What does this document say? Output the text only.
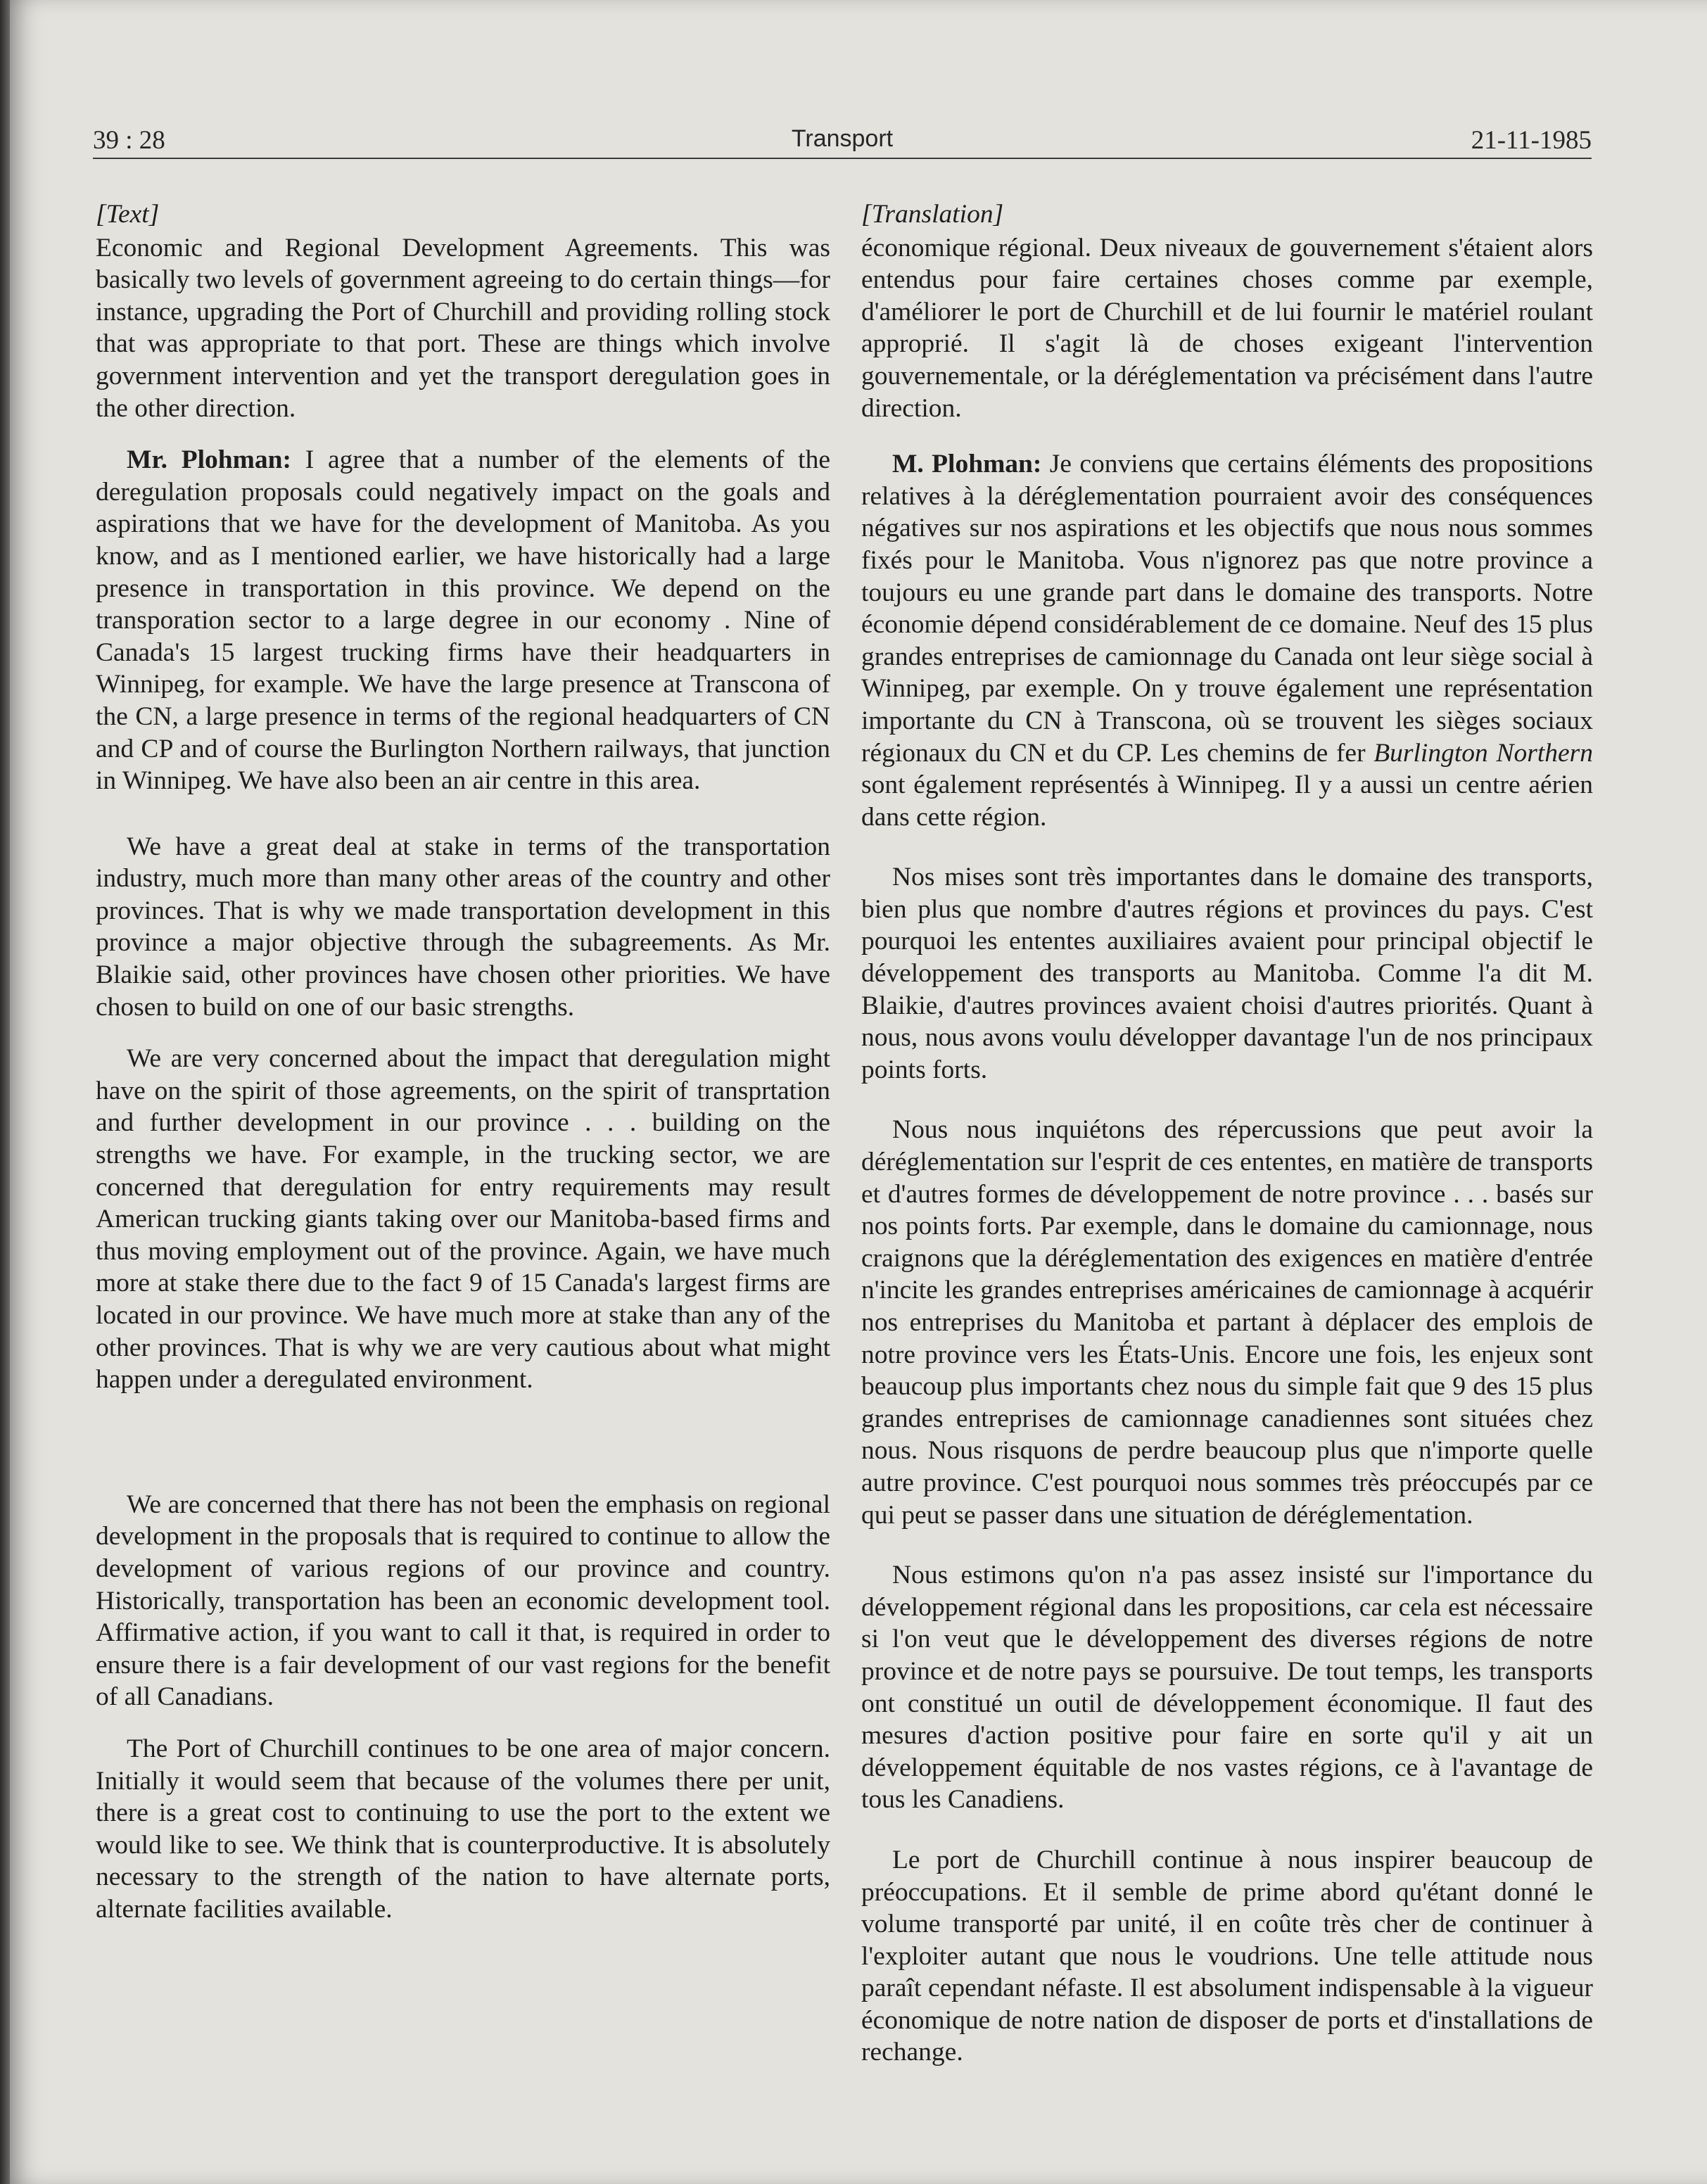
39 : 28	Transport	21-11-1985
[Text]

Economic and Regional Development Agreements. This was basically two levels of government agreeing to do certain things—for instance, upgrading the Port of Churchill and providing rolling stock that was appropriate to that port. These are things which involve government intervention and yet the transport deregulation goes in the other direction.

Mr. Plohman: I agree that a number of the elements of the deregulation proposals could negatively impact on the goals and aspirations that we have for the development of Manitoba. As you know, and as I mentioned earlier, we have historically had a large presence in transportation in this province. We depend on the transporation sector to a large degree in our economy . Nine of Canada's 15 largest trucking firms have their headquarters in Winnipeg, for example. We have the large presence at Transcona of the CN, a large presence in terms of the regional headquarters of CN and CP and of course the Burlington Northern railways, that junction in Winnipeg. We have also been an air centre in this area.

We have a great deal at stake in terms of the transportation industry, much more than many other areas of the country and other provinces. That is why we made transportation development in this province a major objective through the subagreements. As Mr. Blaikie said, other provinces have chosen other priorities. We have chosen to build on one of our basic strengths.

We are very concerned about the impact that deregulation might have on the spirit of those agreements, on the spirit of transprtation and further development in our province . . . building on the strengths we have. For example, in the trucking sector, we are concerned that deregulation for entry requirements may result American trucking giants taking over our Manitoba-based firms and thus moving employment out of the province. Again, we have much more at stake there due to the fact 9 of 15 Canada's largest firms are located in our province. We have much more at stake than any of the other provinces. That is why we are very cautious about what might happen under a deregulated environment.

We are concerned that there has not been the emphasis on regional development in the proposals that is required to continue to allow the development of various regions of our province and country. Historically, transportation has been an economic development tool. Affirmative action, if you want to call it that, is required in order to ensure there is a fair development of our vast regions for the benefit of all Canadians.

The Port of Churchill continues to be one area of major concern. Initially it would seem that because of the volumes there per unit, there is a great cost to continuing to use the port to the extent we would like to see. We think that is counterproductive. It is absolutely necessary to the strength of the nation to have alternate ports, alternate facilities available.

[Translation]

économique régional. Deux niveaux de gouvernement s'étaient alors entendus pour faire certaines choses comme par exemple, d'améliorer le port de Churchill et de lui fournir le matériel roulant approprié. Il s'agit là de choses exigeant l'intervention gouvernementale, or la déréglementation va précisément dans l'autre direction.

M. Plohman: Je conviens que certains éléments des propositions relatives à la déréglementation pourraient avoir des conséquences négatives sur nos aspirations et les objectifs que nous nous sommes fixés pour le Manitoba. Vous n'ignorez pas que notre province a toujours eu une grande part dans le domaine des transports. Notre économie dépend considérablement de ce domaine. Neuf des 15 plus grandes entreprises de camionnage du Canada ont leur siège social à Winnipeg, par exemple. On y trouve également une représentation importante du CN à Transcona, où se trouvent les sièges sociaux régionaux du CN et du CP. Les chemins de fer Burlington Northern sont également représentés à Winnipeg. Il y a aussi un centre aérien dans cette région.

Nos mises sont très importantes dans le domaine des transports, bien plus que nombre d'autres régions et provinces du pays. C'est pourquoi les ententes auxiliaires avaient pour principal objectif le développement des transports au Manitoba. Comme l'a dit M. Blaikie, d'autres provinces avaient choisi d'autres priorités. Quant à nous, nous avons voulu développer davantage l'un de nos principaux points forts.

Nous nous inquiétons des répercussions que peut avoir la déréglementation sur l'esprit de ces ententes, en matière de transports et d'autres formes de développement de notre province . . . basés sur nos points forts. Par exemple, dans le domaine du camionnage, nous craignons que la déréglementation des exigences en matière d'entrée n'incite les grandes entreprises américaines de camionnage à acquérir nos entreprises du Manitoba et partant à déplacer des emplois de notre province vers les États-Unis. Encore une fois, les enjeux sont beaucoup plus importants chez nous du simple fait que 9 des 15 plus grandes entreprises de camionnage canadiennes sont situées chez nous. Nous risquons de perdre beaucoup plus que n'importe quelle autre province. C'est pourquoi nous sommes très préoccupés par ce qui peut se passer dans une situation de déréglementation.

Nous estimons qu'on n'a pas assez insisté sur l'importance du développement régional dans les propositions, car cela est nécessaire si l'on veut que le développement des diverses régions de notre province et de notre pays se poursuive. De tout temps, les transports ont constitué un outil de développement économique. Il faut des mesures d'action positive pour faire en sorte qu'il y ait un développement équitable de nos vastes régions, ce à l'avantage de tous les Canadiens.

Le port de Churchill continue à nous inspirer beaucoup de préoccupations. Et il semble de prime abord qu'étant donné le volume transporté par unité, il en coûte très cher de continuer à l'exploiter autant que nous le voudrions. Une telle attitude nous paraît cependant néfaste. Il est absolument indispensable à la vigueur économique de notre nation de disposer de ports et d'installations de rechange.
